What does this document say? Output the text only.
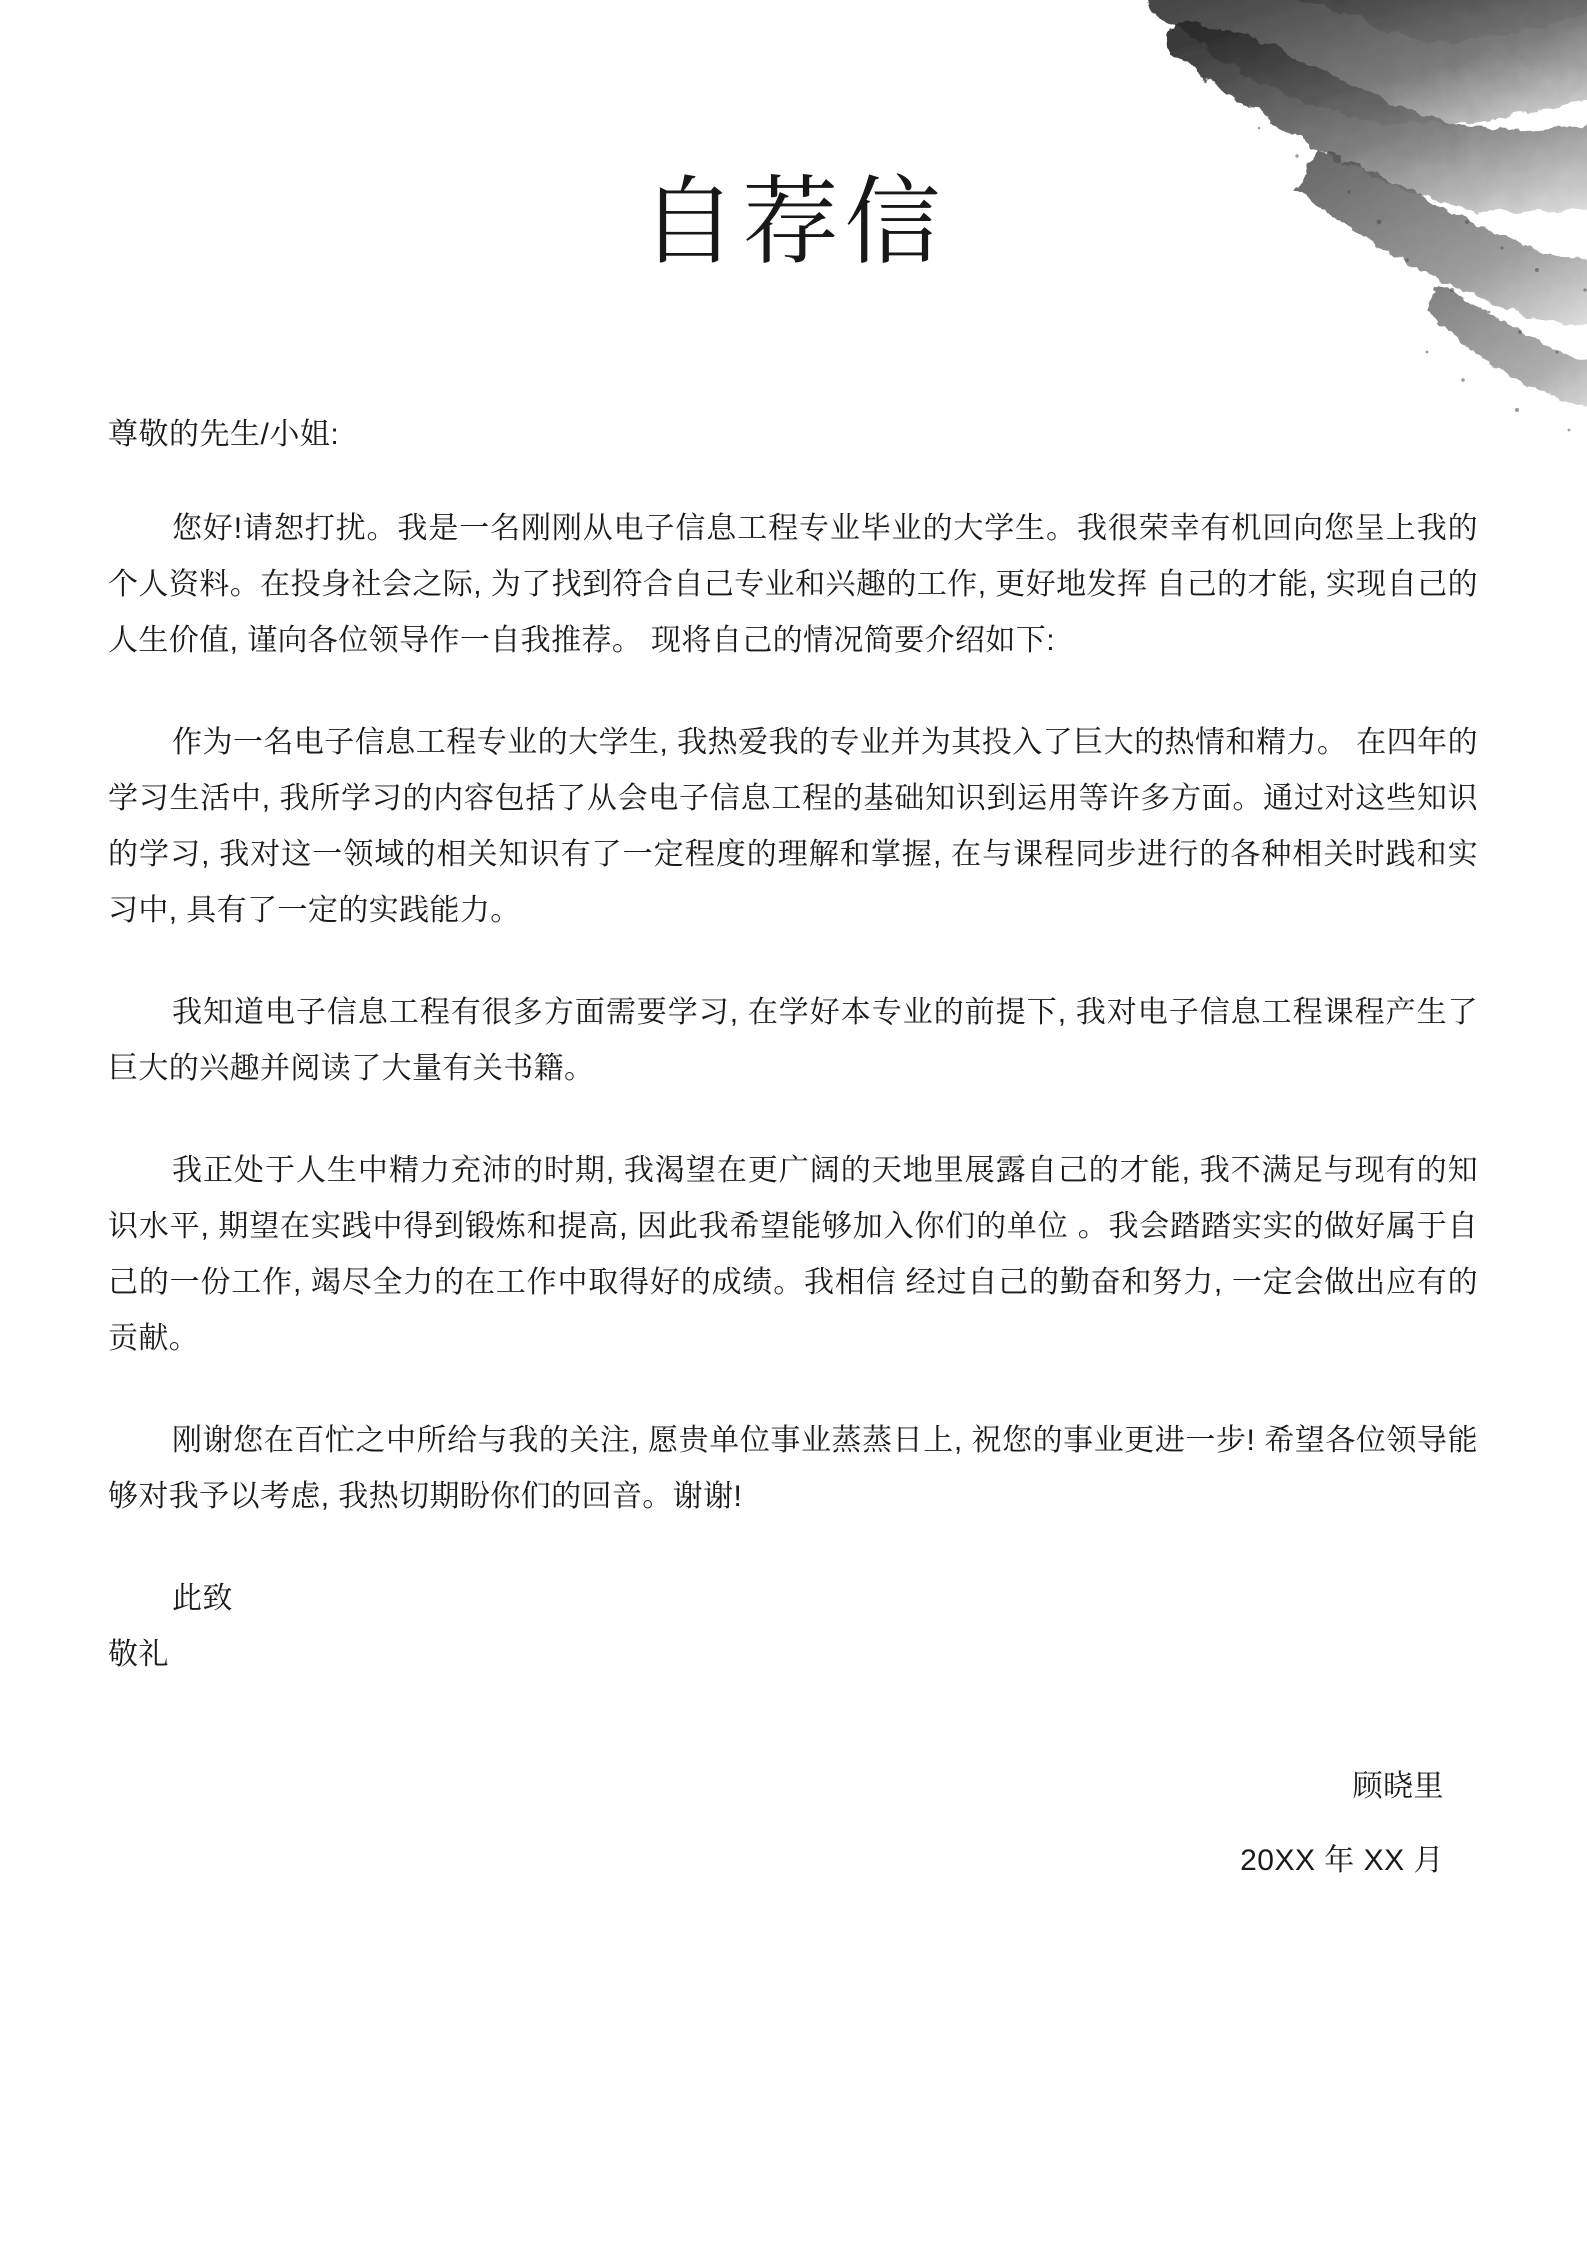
自荐信
尊敬的先生/小姐:

您好!请恕打扰。我是一名刚刚从电子信息工程专业毕业的大学生。我很荣幸有机回向您呈上我的个人资料。在投身社会之际, 为了找到符合自己专业和兴趣的工作, 更好地发挥 自己的才能, 实现自己的人生价值, 谨向各位领导作一自我推荐。 现将自己的情况简要介绍如下:

作为一名电子信息工程专业的大学生, 我热爱我的专业并为其投入了巨大的热情和精力。 在四年的学习生活中, 我所学习的内容包括了从会电子信息工程的基础知识到运用等许多方面。通过对这些知识的学习, 我对这一领域的相关知识有了一定程度的理解和掌握, 在与课程同步进行的各种相关时践和实习中, 具有了一定的实践能力。

我知道电子信息工程有很多方面需要学习, 在学好本专业的前提下, 我对电子信息工程课程产生了巨大的兴趣并阅读了大量有关书籍。

我正处于人生中精力充沛的时期, 我渴望在更广阔的天地里展露自己的才能, 我不满足与现有的知识水平, 期望在实践中得到锻炼和提高, 因此我希望能够加入你们的单位 。我会踏踏实实的做好属于自己的一份工作, 竭尽全力的在工作中取得好的成绩。我相信 经过自己的勤奋和努力, 一定会做出应有的贡献。

刚谢您在百忙之中所给与我的关注, 愿贵单位事业蒸蒸日上, 祝您的事业更进一步! 希望各位领导能够对我予以考虑, 我热切期盼你们的回音。谢谢!

此致
敬礼
顾晓里
20XX 年 XX 月
